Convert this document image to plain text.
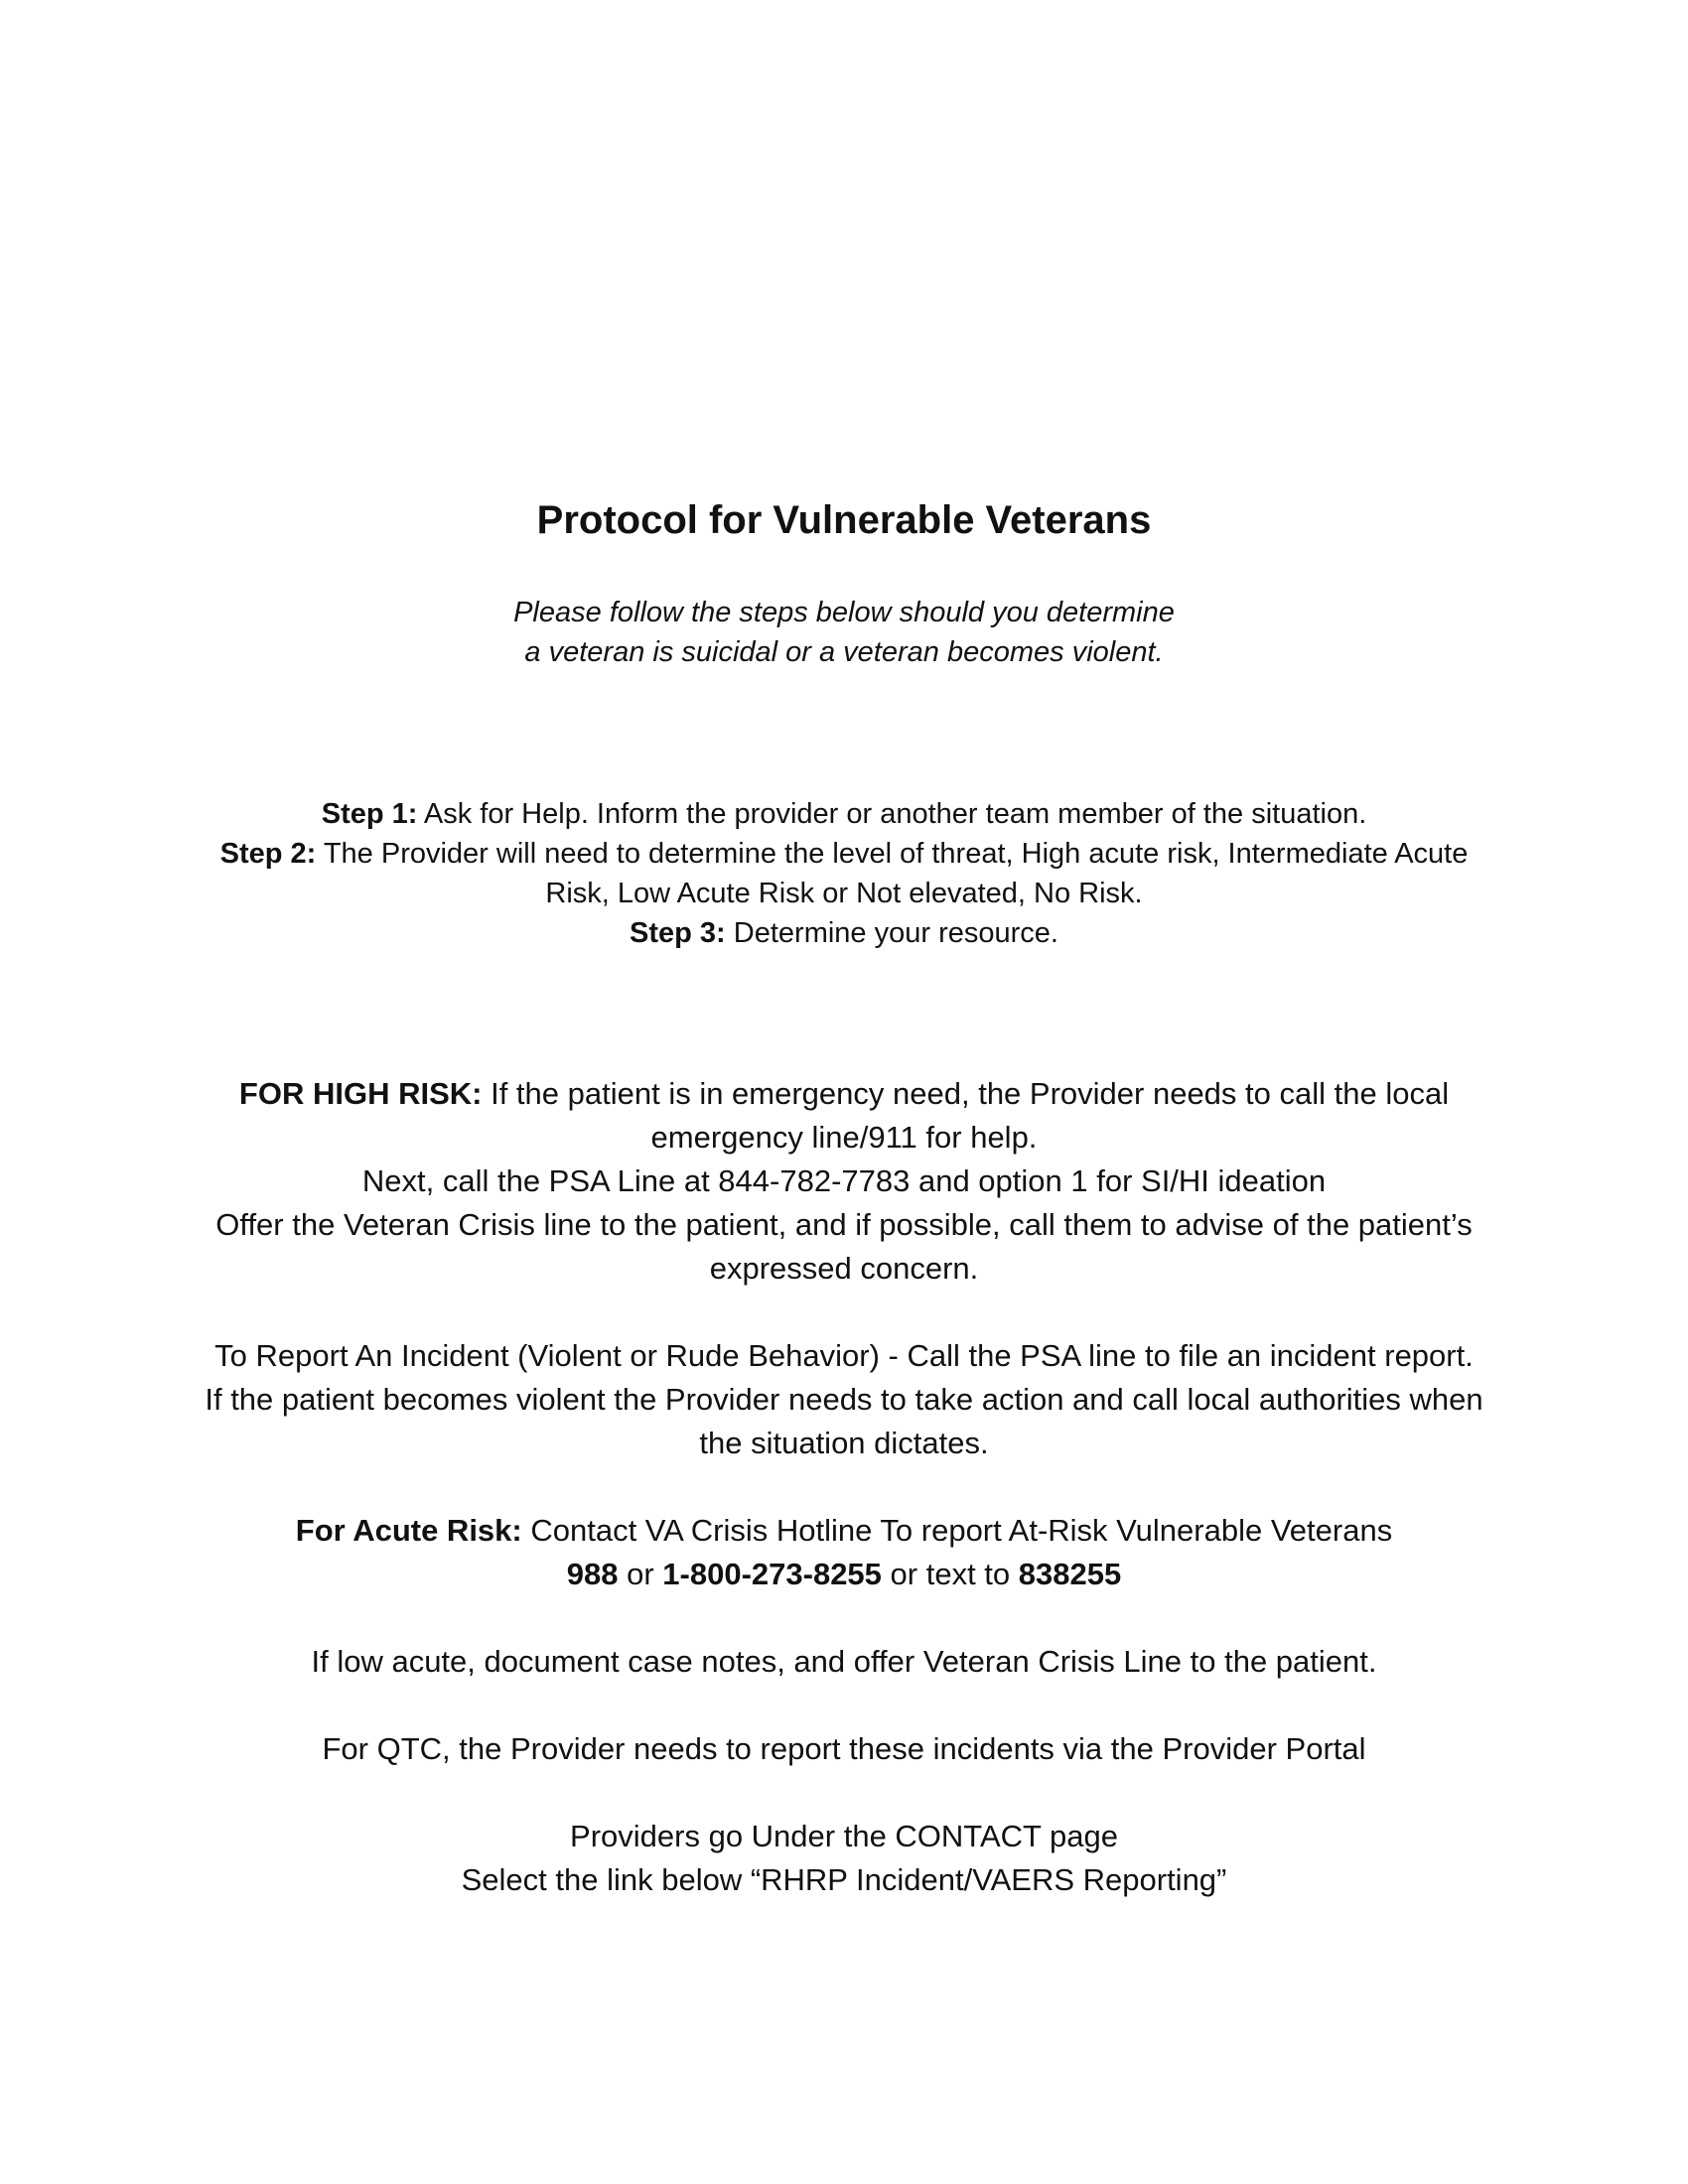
Protocol for Vulnerable Veterans
Please follow the steps below should you determine
a veteran is suicidal or a veteran becomes violent.

Step 1: Ask for Help. Inform the provider or another team member of the situation.

Step 2: The Provider will need to determine the level of threat, High acute risk, Intermediate Acute Risk, Low Acute Risk or Not elevated, No Risk.

Step 3: Determine your resource.

FOR HIGH RISK: If the patient is in emergency need, the Provider needs to call the local emergency line/911 for help.

Next, call the PSA Line at 844-782-7783 and option 1 for SI/HI ideation

Offer the Veteran Crisis line to the patient, and if possible, call them to advise of the patient’s expressed concern.

To Report An Incident (Violent or Rude Behavior) - Call the PSA line to file an incident report.

If the patient becomes violent the Provider needs to take action and call local authorities when the situation dictates.

For Acute Risk: Contact VA Crisis Hotline To report At-Risk Vulnerable Veterans

988 or 1-800-273-8255 or text to 838255

If low acute, document case notes, and offer Veteran Crisis Line to the patient.

For QTC, the Provider needs to report these incidents via the Provider Portal

Providers go Under the CONTACT page

Select the link below “RHRP Incident/VAERS Reporting”
